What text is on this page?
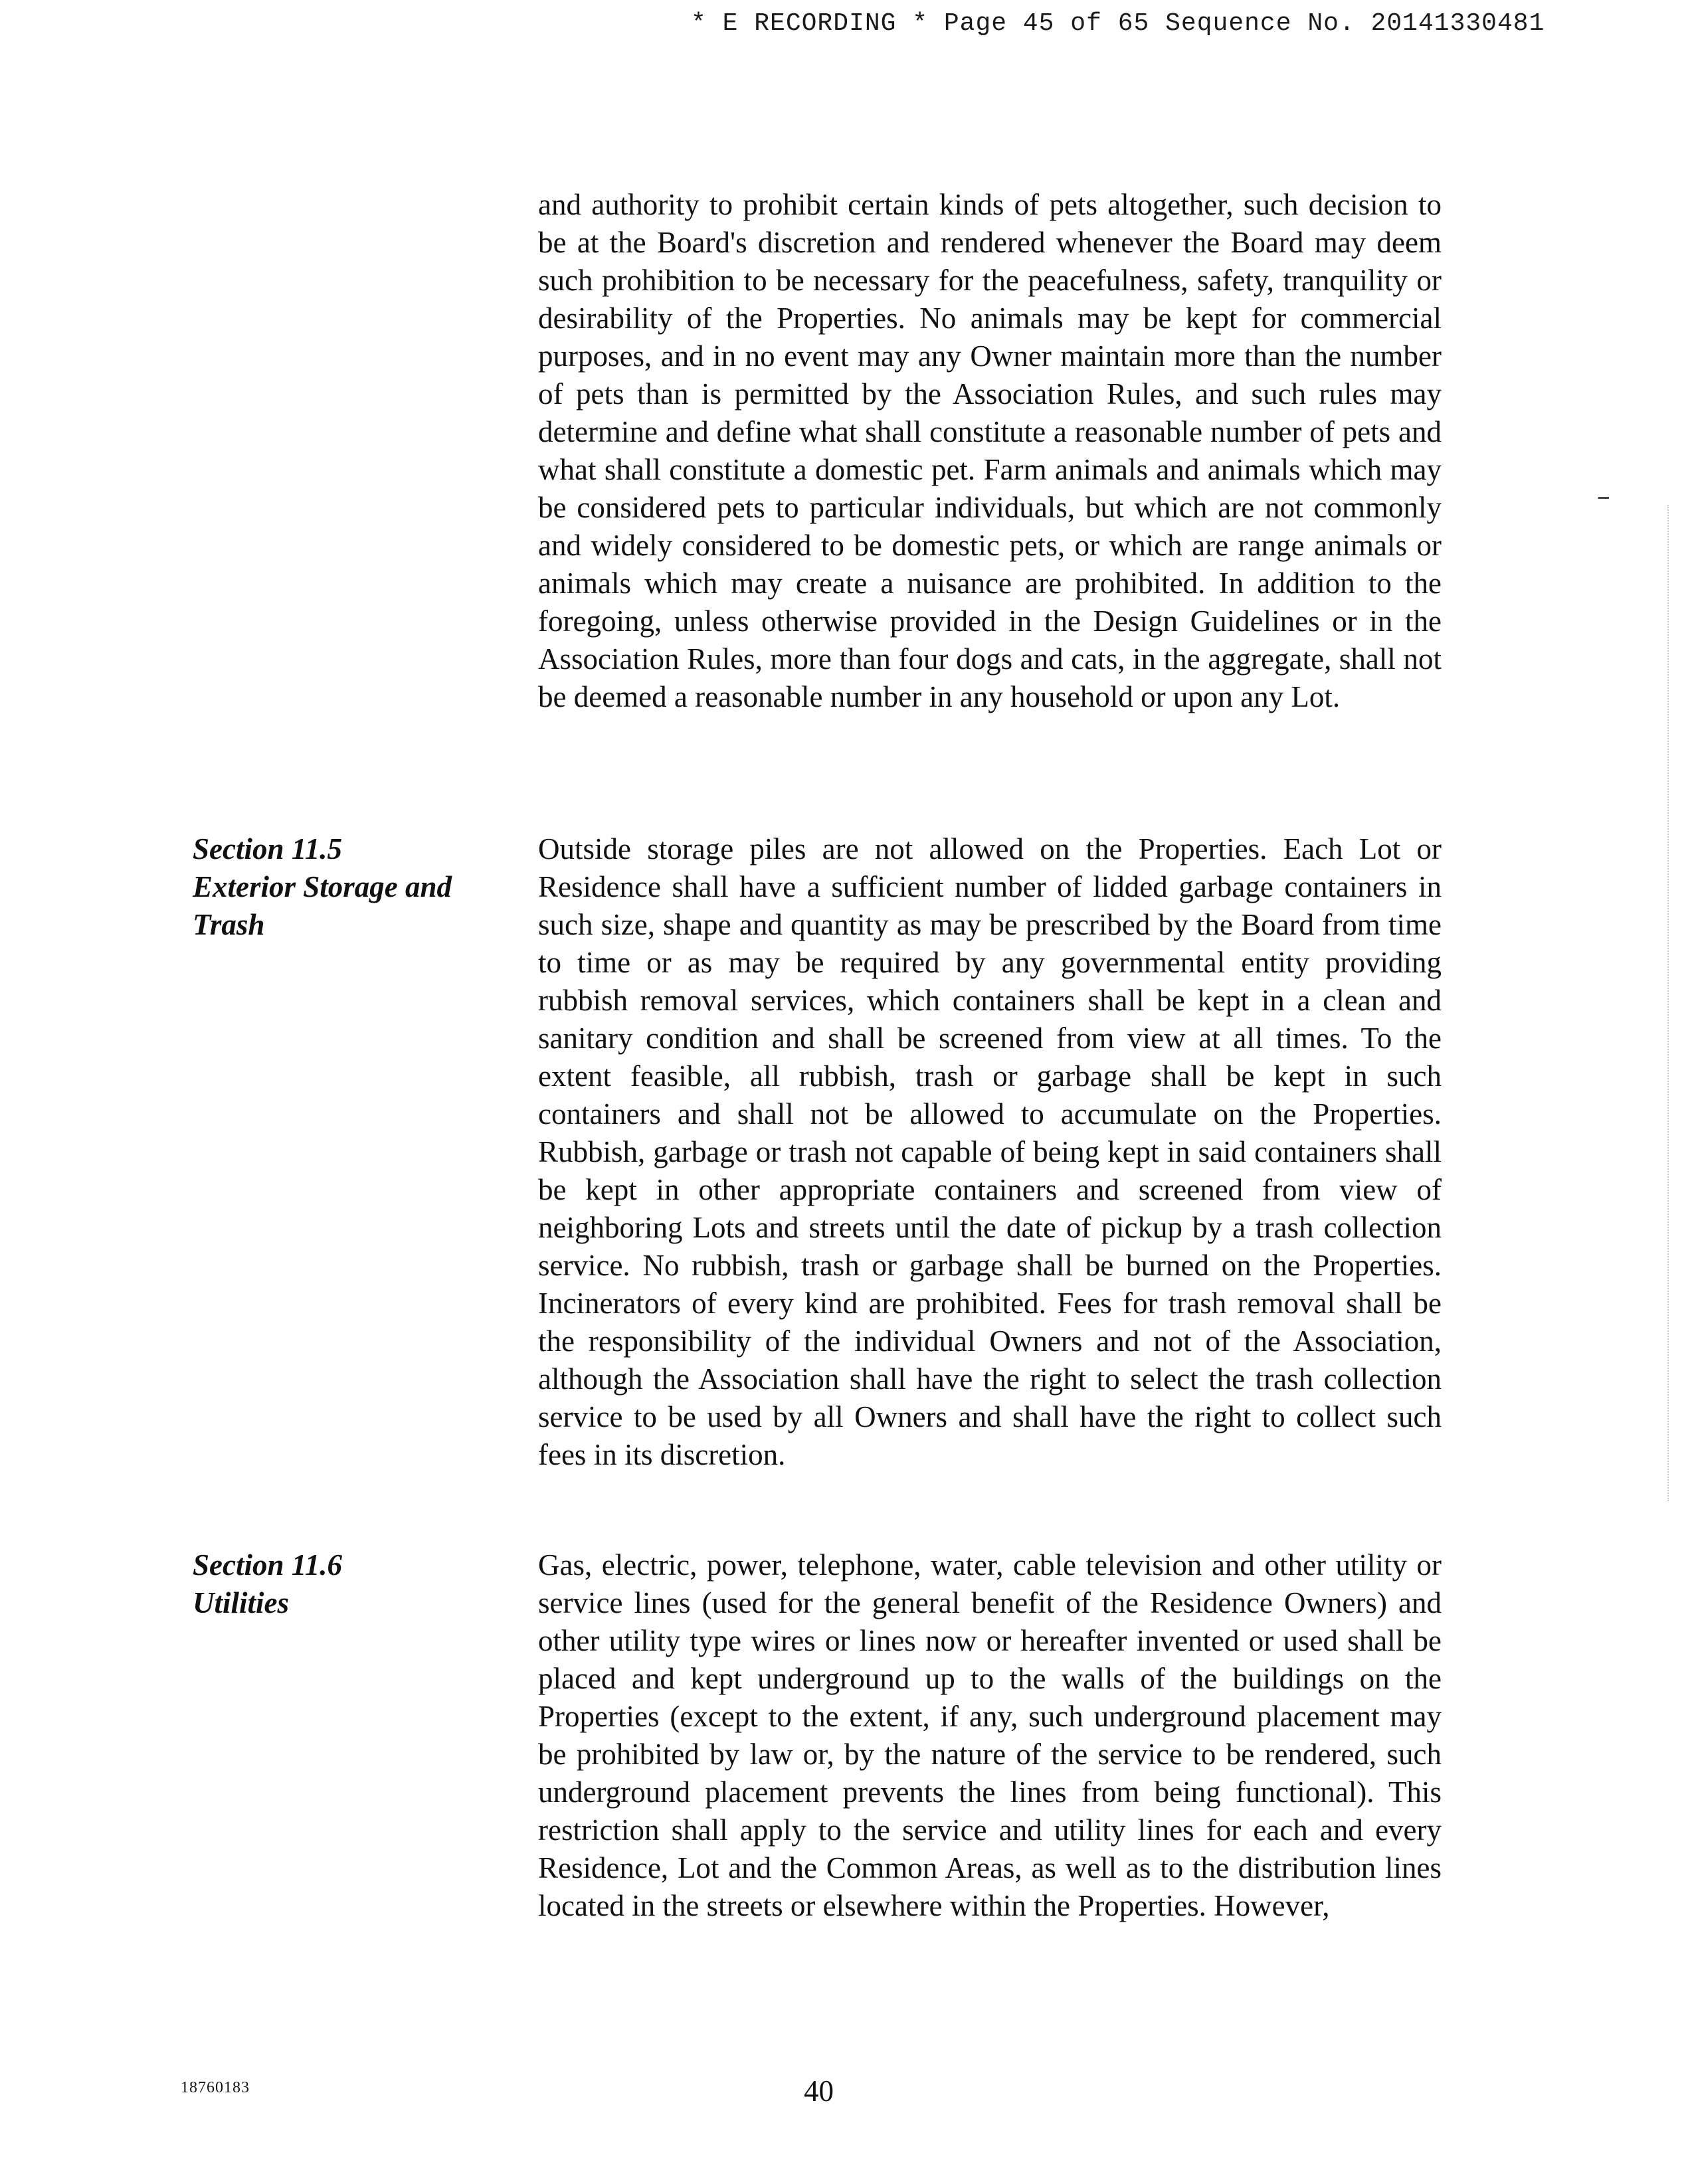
* E RECORDING * Page 45 of 65 Sequence No. 20141330481

and authority to prohibit certain kinds of pets altogether, such decision to be at the Board's discretion and rendered whenever the Board may deem such prohibition to be necessary for the peacefulness, safety, tranquility or desirability of the Properties. No animals may be kept for commercial purposes, and in no event may any Owner maintain more than the number of pets than is permitted by the Association Rules, and such rules may determine and define what shall constitute a reasonable number of pets and what shall constitute a domestic pet. Farm animals and animals which may be considered pets to particular individuals, but which are not commonly and widely considered to be domestic pets, or which are range animals or animals which may create a nuisance are prohibited. In addition to the foregoing, unless otherwise provided in the Design Guidelines or in the Association Rules, more than four dogs and cats, in the aggregate, shall not be deemed a reasonable number in any household or upon any Lot.

Section 11.5
Exterior Storage and
Trash

Outside storage piles are not allowed on the Properties. Each Lot or Residence shall have a sufficient number of lidded garbage containers in such size, shape and quantity as may be prescribed by the Board from time to time or as may be required by any governmental entity providing rubbish removal services, which containers shall be kept in a clean and sanitary condition and shall be screened from view at all times. To the extent feasible, all rubbish, trash or garbage shall be kept in such containers and shall not be allowed to accumulate on the Properties. Rubbish, garbage or trash not capable of being kept in said containers shall be kept in other appropriate containers and screened from view of neighboring Lots and streets until the date of pickup by a trash collection service. No rubbish, trash or garbage shall be burned on the Properties. Incinerators of every kind are prohibited. Fees for trash removal shall be the responsibility of the individual Owners and not of the Association, although the Association shall have the right to select the trash collection service to be used by all Owners and shall have the right to collect such fees in its discretion.

Section 11.6
Utilities

Gas, electric, power, telephone, water, cable television and other utility or service lines (used for the general benefit of the Residence Owners) and other utility type wires or lines now or hereafter invented or used shall be placed and kept underground up to the walls of the buildings on the Properties (except to the extent, if any, such underground placement may be prohibited by law or, by the nature of the service to be rendered, such underground placement prevents the lines from being functional). This restriction shall apply to the service and utility lines for each and every Residence, Lot and the Common Areas, as well as to the distribution lines located in the streets or elsewhere within the Properties. However,

18760183	40
